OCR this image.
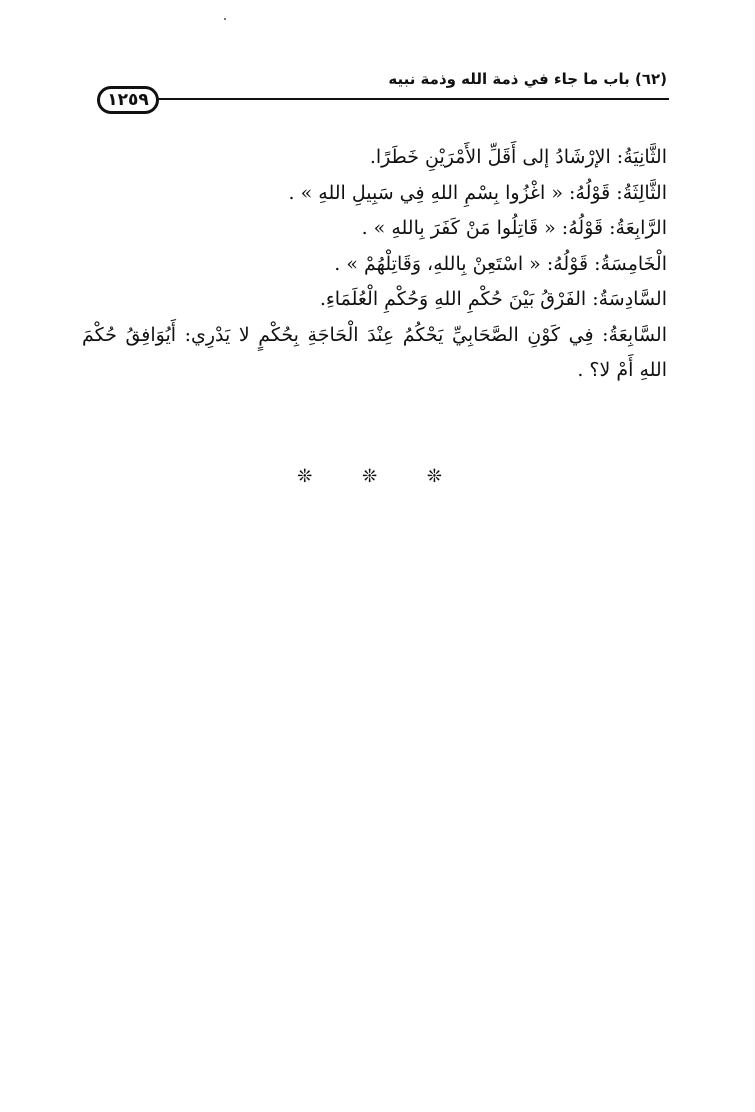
(٦٢) باب ما جاء في ذمة الله وذمة نبيه
١٢٥٩

الثَّانِيَةُ: الإرْشَادُ إلى أَقَلِّ الأَمْرَيْنِ خَطَرًا.

الثَّالِثَةُ: قَوْلُهُ: « اغْزُوا بِسْمِ اللهِ فِي سَبِيلِ اللهِ » .

الرَّابِعَةُ: قَوْلُهُ: « قَاتِلُوا مَنْ كَفَرَ بِاللهِ » .

الْخَامِسَةُ: قَوْلُهُ: « اسْتَعِنْ بِاللهِ، وَقَاتِلْهُمْ » .

السَّادِسَةُ: الفَرْقُ بَيْنَ حُكْمِ اللهِ وَحُكْمِ الْعُلَمَاءِ.

السَّابِعَةُ: فِي كَوْنِ الصَّحَابِيِّ يَحْكُمُ عِنْدَ الْحَاجَةِ بِحُكْمٍ لا يَدْرِي: أَيُوَافِقُ حُكْمَ اللهِ أَمْ لا؟ .

❊ ❊ ❊
